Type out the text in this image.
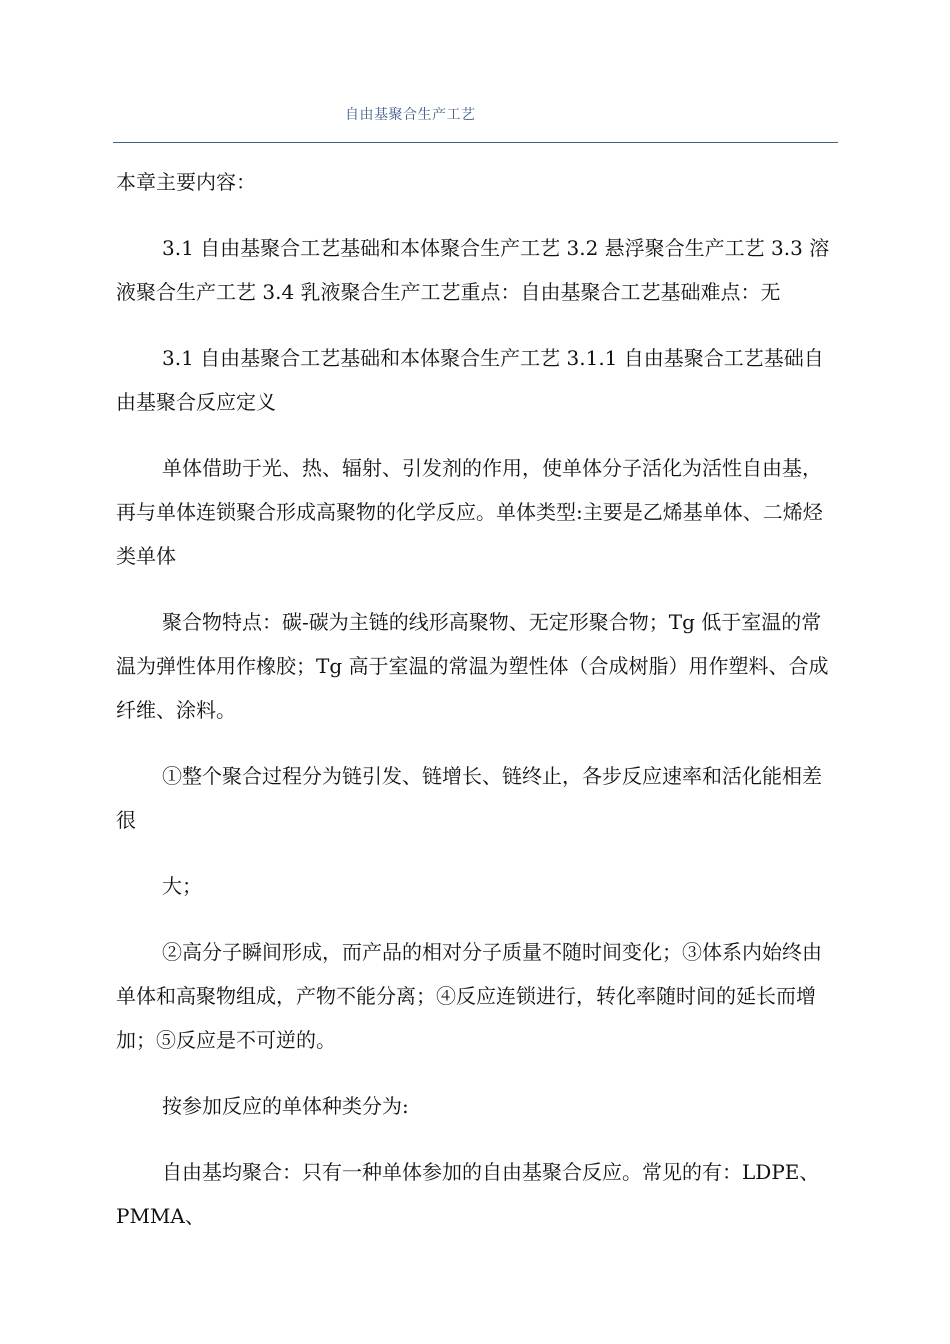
自由基聚合生产工艺

本章主要内容：

3.1 自由基聚合工艺基础和本体聚合生产工艺 3.2 悬浮聚合生产工艺 3.3 溶液聚合生产工艺 3.4 乳液聚合生产工艺重点：自由基聚合工艺基础难点：无

3.1 自由基聚合工艺基础和本体聚合生产工艺 3.1.1 自由基聚合工艺基础自由基聚合反应定义

单体借助于光、热、辐射、引发剂的作用，使单体分子活化为活性自由基，再与单体连锁聚合形成高聚物的化学反应。单体类型:主要是乙烯基单体、二烯烃类单体

聚合物特点：碳-碳为主链的线形高聚物、无定形聚合物；Tg 低于室温的常温为弹性体用作橡胶；Tg 高于室温的常温为塑性体（合成树脂）用作塑料、合成纤维、涂料。

①整个聚合过程分为链引发、链增长、链终止，各步反应速率和活化能相差很

大；

②高分子瞬间形成，而产品的相对分子质量不随时间变化；③体系内始终由单体和高聚物组成，产物不能分离；④反应连锁进行，转化率随时间的延长而增加；⑤反应是不可逆的。

按参加反应的单体种类分为:

自由基均聚合：只有一种单体参加的自由基聚合反应。常见的有：LDPE、PMMA、
